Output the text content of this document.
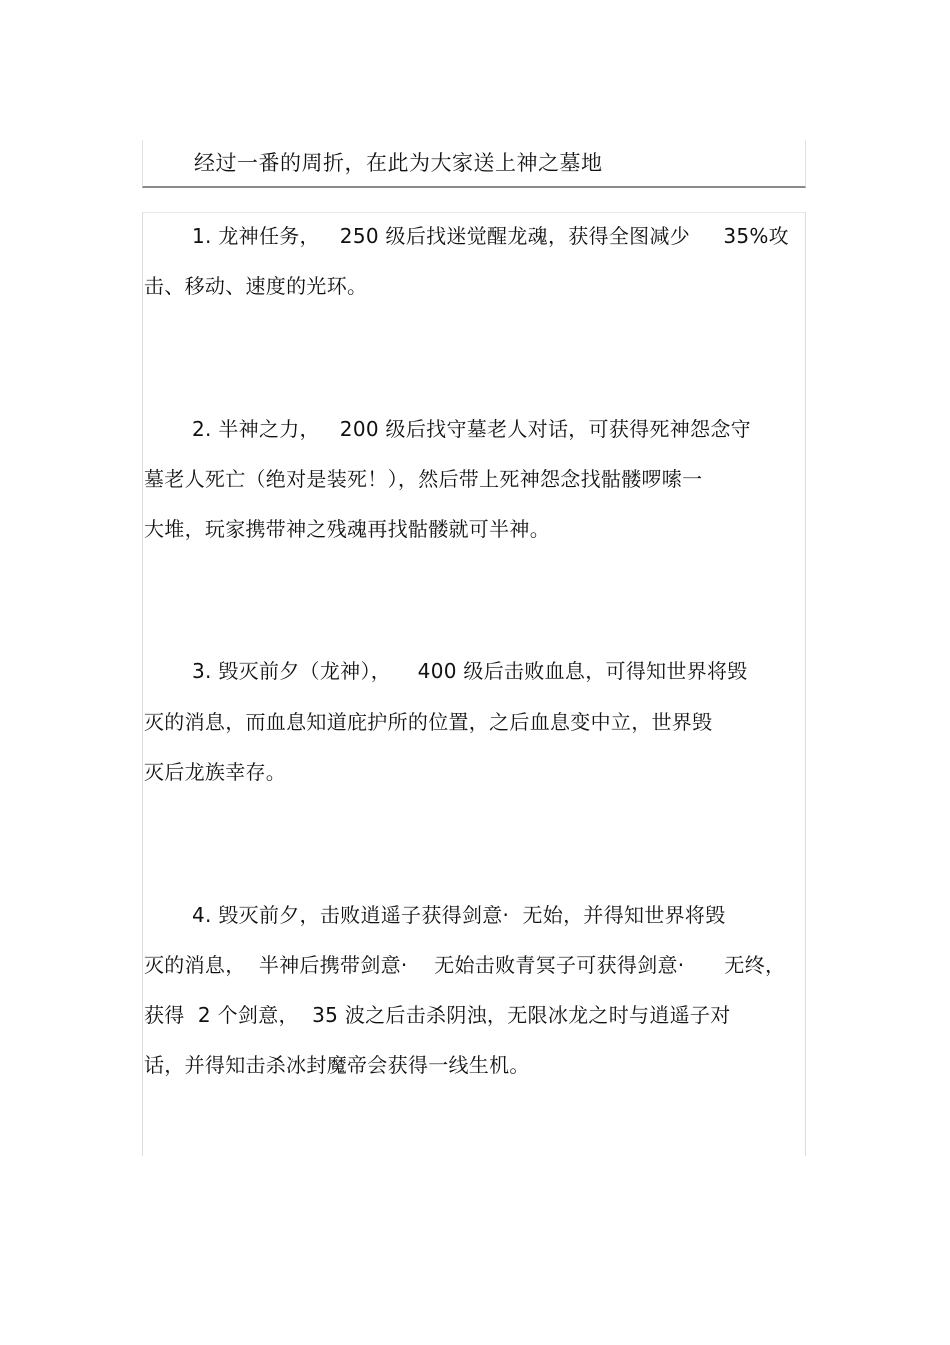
经过一番的周折，在此为大家送上神之墓地
1. 龙神任务，   250 级后找迷觉醒龙魂，获得全图减少     35%攻
击、移动、速度的光环。
2. 半神之力，   200 级后找守墓老人对话，可获得死神怨念守
墓老人死亡（绝对是装死！），然后带上死神怨念找骷髅啰嗦一
大堆，玩家携带神之残魂再找骷髅就可半神。
3. 毁灭前夕（龙神），    400 级后击败血息，可得知世界将毁
灭的消息，而血息知道庇护所的位置，之后血息变中立，世界毁
灭后龙族幸存。
4. 毁灭前夕，击败逍遥子获得剑意·  无始，并得知世界将毁
灭的消息，  半神后携带剑意·    无始击败青冥子可获得剑意·      无终，
获得  2 个剑意，  35 波之后击杀阴浊，无限冰龙之时与逍遥子对
话，并得知击杀冰封魔帝会获得一线生机。
